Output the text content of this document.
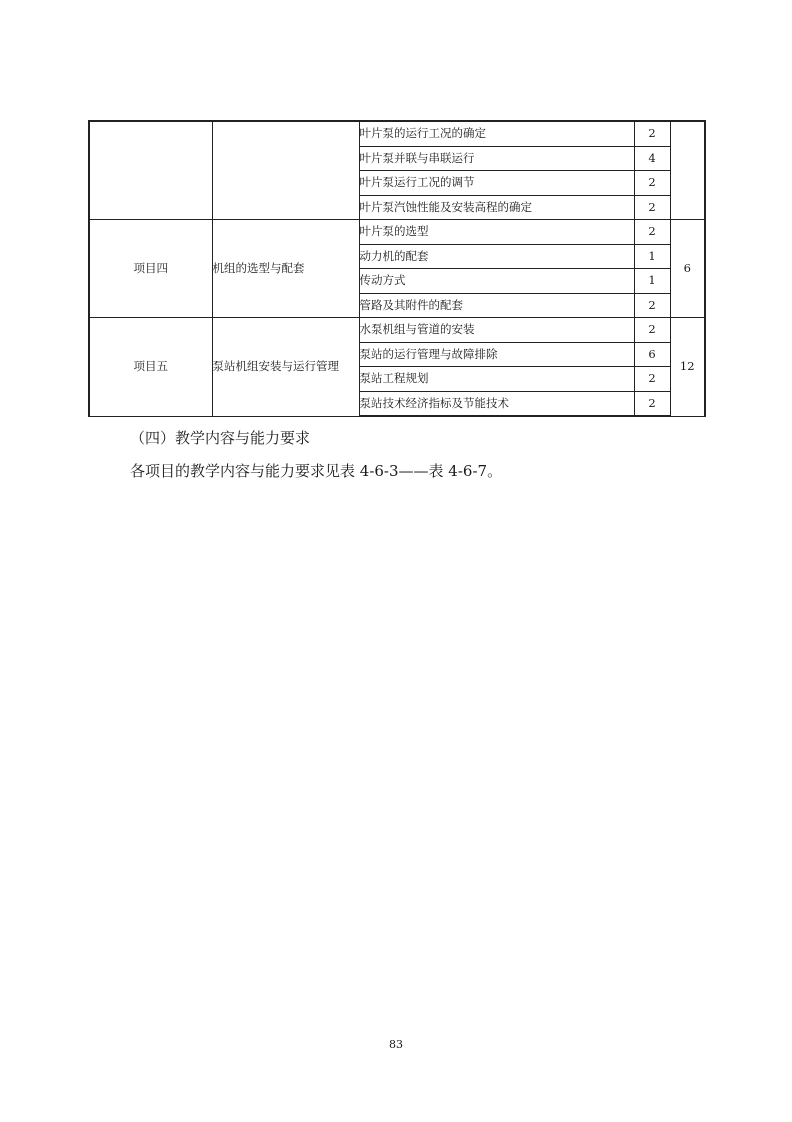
		叶片泵的运行工况的确定	2	
		叶片泵并联与串联运行	4	
		叶片泵运行工况的调节	2	
		叶片泵汽蚀性能及安装高程的确定	2	
项目四	机组的选型与配套	叶片泵的选型	2	6
		动力机的配套	1	
		传动方式	1	
		管路及其附件的配套	2	
项目五	泵站机组安装与运行管理	水泵机组与管道的安装	2	12
		泵站的运行管理与故障排除	6	
		泵站工程规划	2	
		泵站技术经济指标及节能技术	2	
（四）教学内容与能力要求
各项目的教学内容与能力要求见表 4-6-3——表 4-6-7。
83
